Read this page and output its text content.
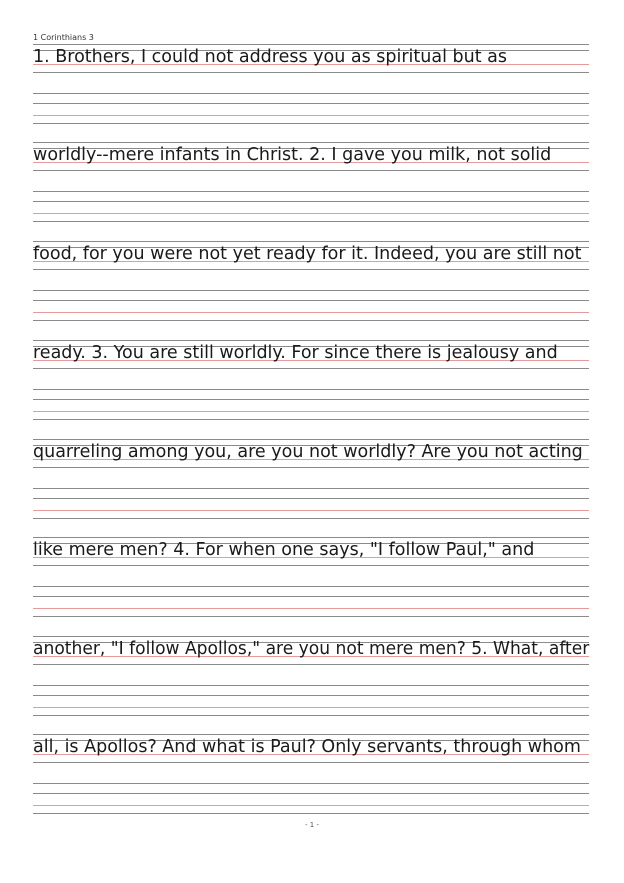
1 Corinthians 3
1. Brothers, I could not address you as spiritual but as
worldly--mere infants in Christ. 2. I gave you milk, not solid
food, for you were not yet ready for it. Indeed, you are still not
ready. 3. You are still worldly. For since there is jealousy and
quarreling among you, are you not worldly? Are you not acting
like mere men? 4. For when one says, "I follow Paul," and
another, "I follow Apollos," are you not mere men? 5. What, after
all, is Apollos? And what is Paul? Only servants, through whom
- 1 -
